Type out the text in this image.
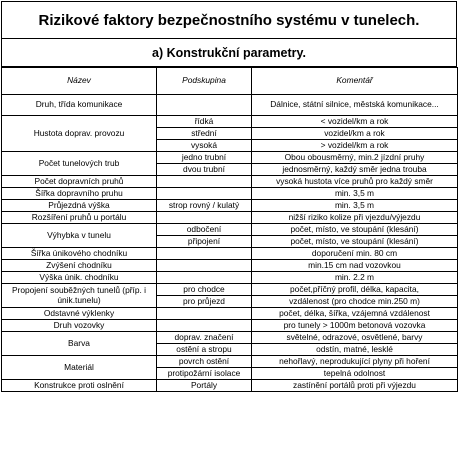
Rizikové faktory bezpečnostního systému v tunelech.
a) Konstrukční parametry.
Název	Podskupina	Komentář
Druh, třída komunikace		Dálnice, státní silnice, městská komunikace...
Hustota doprav. provozu	řídká	< vozidel/km a rok
	střední	vozidel/km a rok
	vysoká	> vozidel/km a rok
Počet tunelových trub	jedno trubní	Obou obousměrný, min.2 jízdní pruhy
	dvou trubní	jednosměrný, každý směr jedna trouba
Počet dopravních pruhů		vysoká hustota více pruhů pro každý směr
Šířka dopravního pruhu		min. 3,5 m
Průjezdná výška	strop rovný / kulatý	min. 3,5 m
Rozšíření pruhů u portálu		nižší riziko kolize při vjezdu/výjezdu
Výhybka v tunelu	odbočení	počet, místo, ve stoupání (klesání)
	připojení	počet, místo, ve stoupání (klesání)
Šířka únikového chodníku		doporučení min. 80 cm
Zvýšení chodníku		min.15 cm nad vozovkou
Výška únik. chodníku		min. 2.2 m
Propojení souběžných tunelů (příp. i únik.tunelu)	pro chodce	počet,příčný profil, délka, kapacita,
	pro průjezd	vzdálenost (pro chodce min.250 m)
Odstavné výklenky		počet, délka, šířka, vzájemná vzdálenost
Druh vozovky		pro tunely > 1000m betonová vozovka
Barva	doprav. značení	světelné, odrazové, osvětlené, barvy
	ostění a stropu	odstín, matné, lesklé
Materiál	povrch ostění	nehořlavý, neprodukující plyny při hoření
	protipožární isolace	tepelná odolnost
Konstrukce proti oslnění	Portály	zastínění portálů proti při výjezdu
